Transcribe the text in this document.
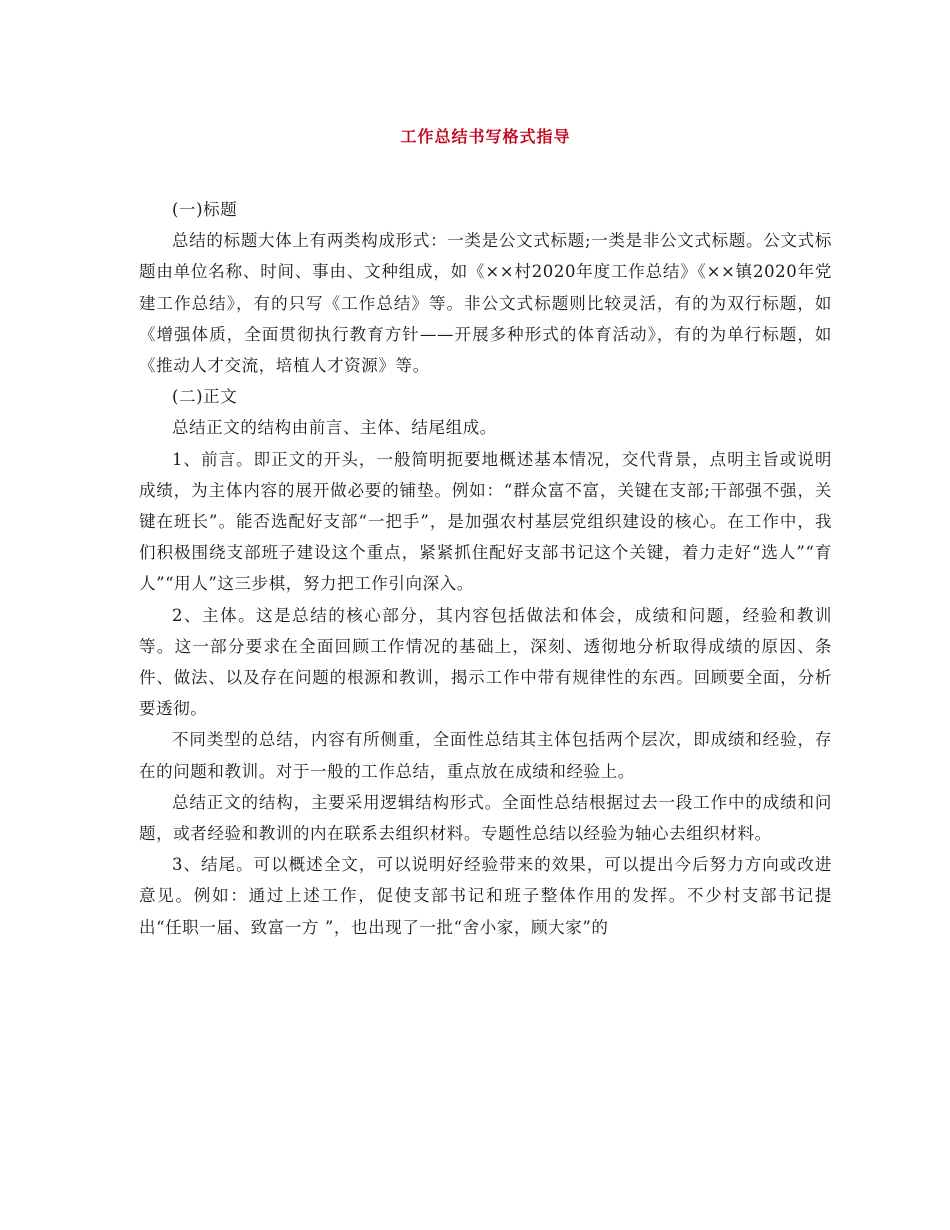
工作总结书写格式指导

(一)标题

总结的标题大体上有两类构成形式：一类是公文式标题;一类是非公文式标题。公文式标题由单位名称、时间、事由、文种组成，如《××村2020年度工作总结》《××镇2020年党建工作总结》，有的只写《工作总结》等。非公文式标题则比较灵活，有的为双行标题，如《增强体质，全面贯彻执行教育方针——开展多种形式的体育活动》，有的为单行标题，如《推动人才交流，培植人才资源》等。

(二)正文

总结正文的结构由前言、主体、结尾组成。

1、前言。即正文的开头，一般简明扼要地概述基本情况，交代背景，点明主旨或说明成绩，为主体内容的展开做必要的铺垫。例如：“群众富不富，关键在支部;干部强不强，关键在班长”。能否选配好支部“一把手”，是加强农村基层党组织建设的核心。在工作中，我们积极围绕支部班子建设这个重点，紧紧抓住配好支部书记这个关键，着力走好“选人”“育人”“用人”这三步棋，努力把工作引向深入。

2、主体。这是总结的核心部分，其内容包括做法和体会，成绩和问题，经验和教训等。这一部分要求在全面回顾工作情况的基础上，深刻、透彻地分析取得成绩的原因、条件、做法、以及存在问题的根源和教训，揭示工作中带有规律性的东西。回顾要全面，分析要透彻。

不同类型的总结，内容有所侧重，全面性总结其主体包括两个层次，即成绩和经验，存在的问题和教训。对于一般的工作总结，重点放在成绩和经验上。

总结正文的结构，主要采用逻辑结构形式。全面性总结根据过去一段工作中的成绩和问题，或者经验和教训的内在联系去组织材料。专题性总结以经验为轴心去组织材料。

3、结尾。可以概述全文，可以说明好经验带来的效果，可以提出今后努力方向或改进意见。例如：通过上述工作，促使支部书记和班子整体作用的发挥。不少村支部书记提出“任职一届、致富一方 ”，也出现了一批“舍小家，顾大家”的
